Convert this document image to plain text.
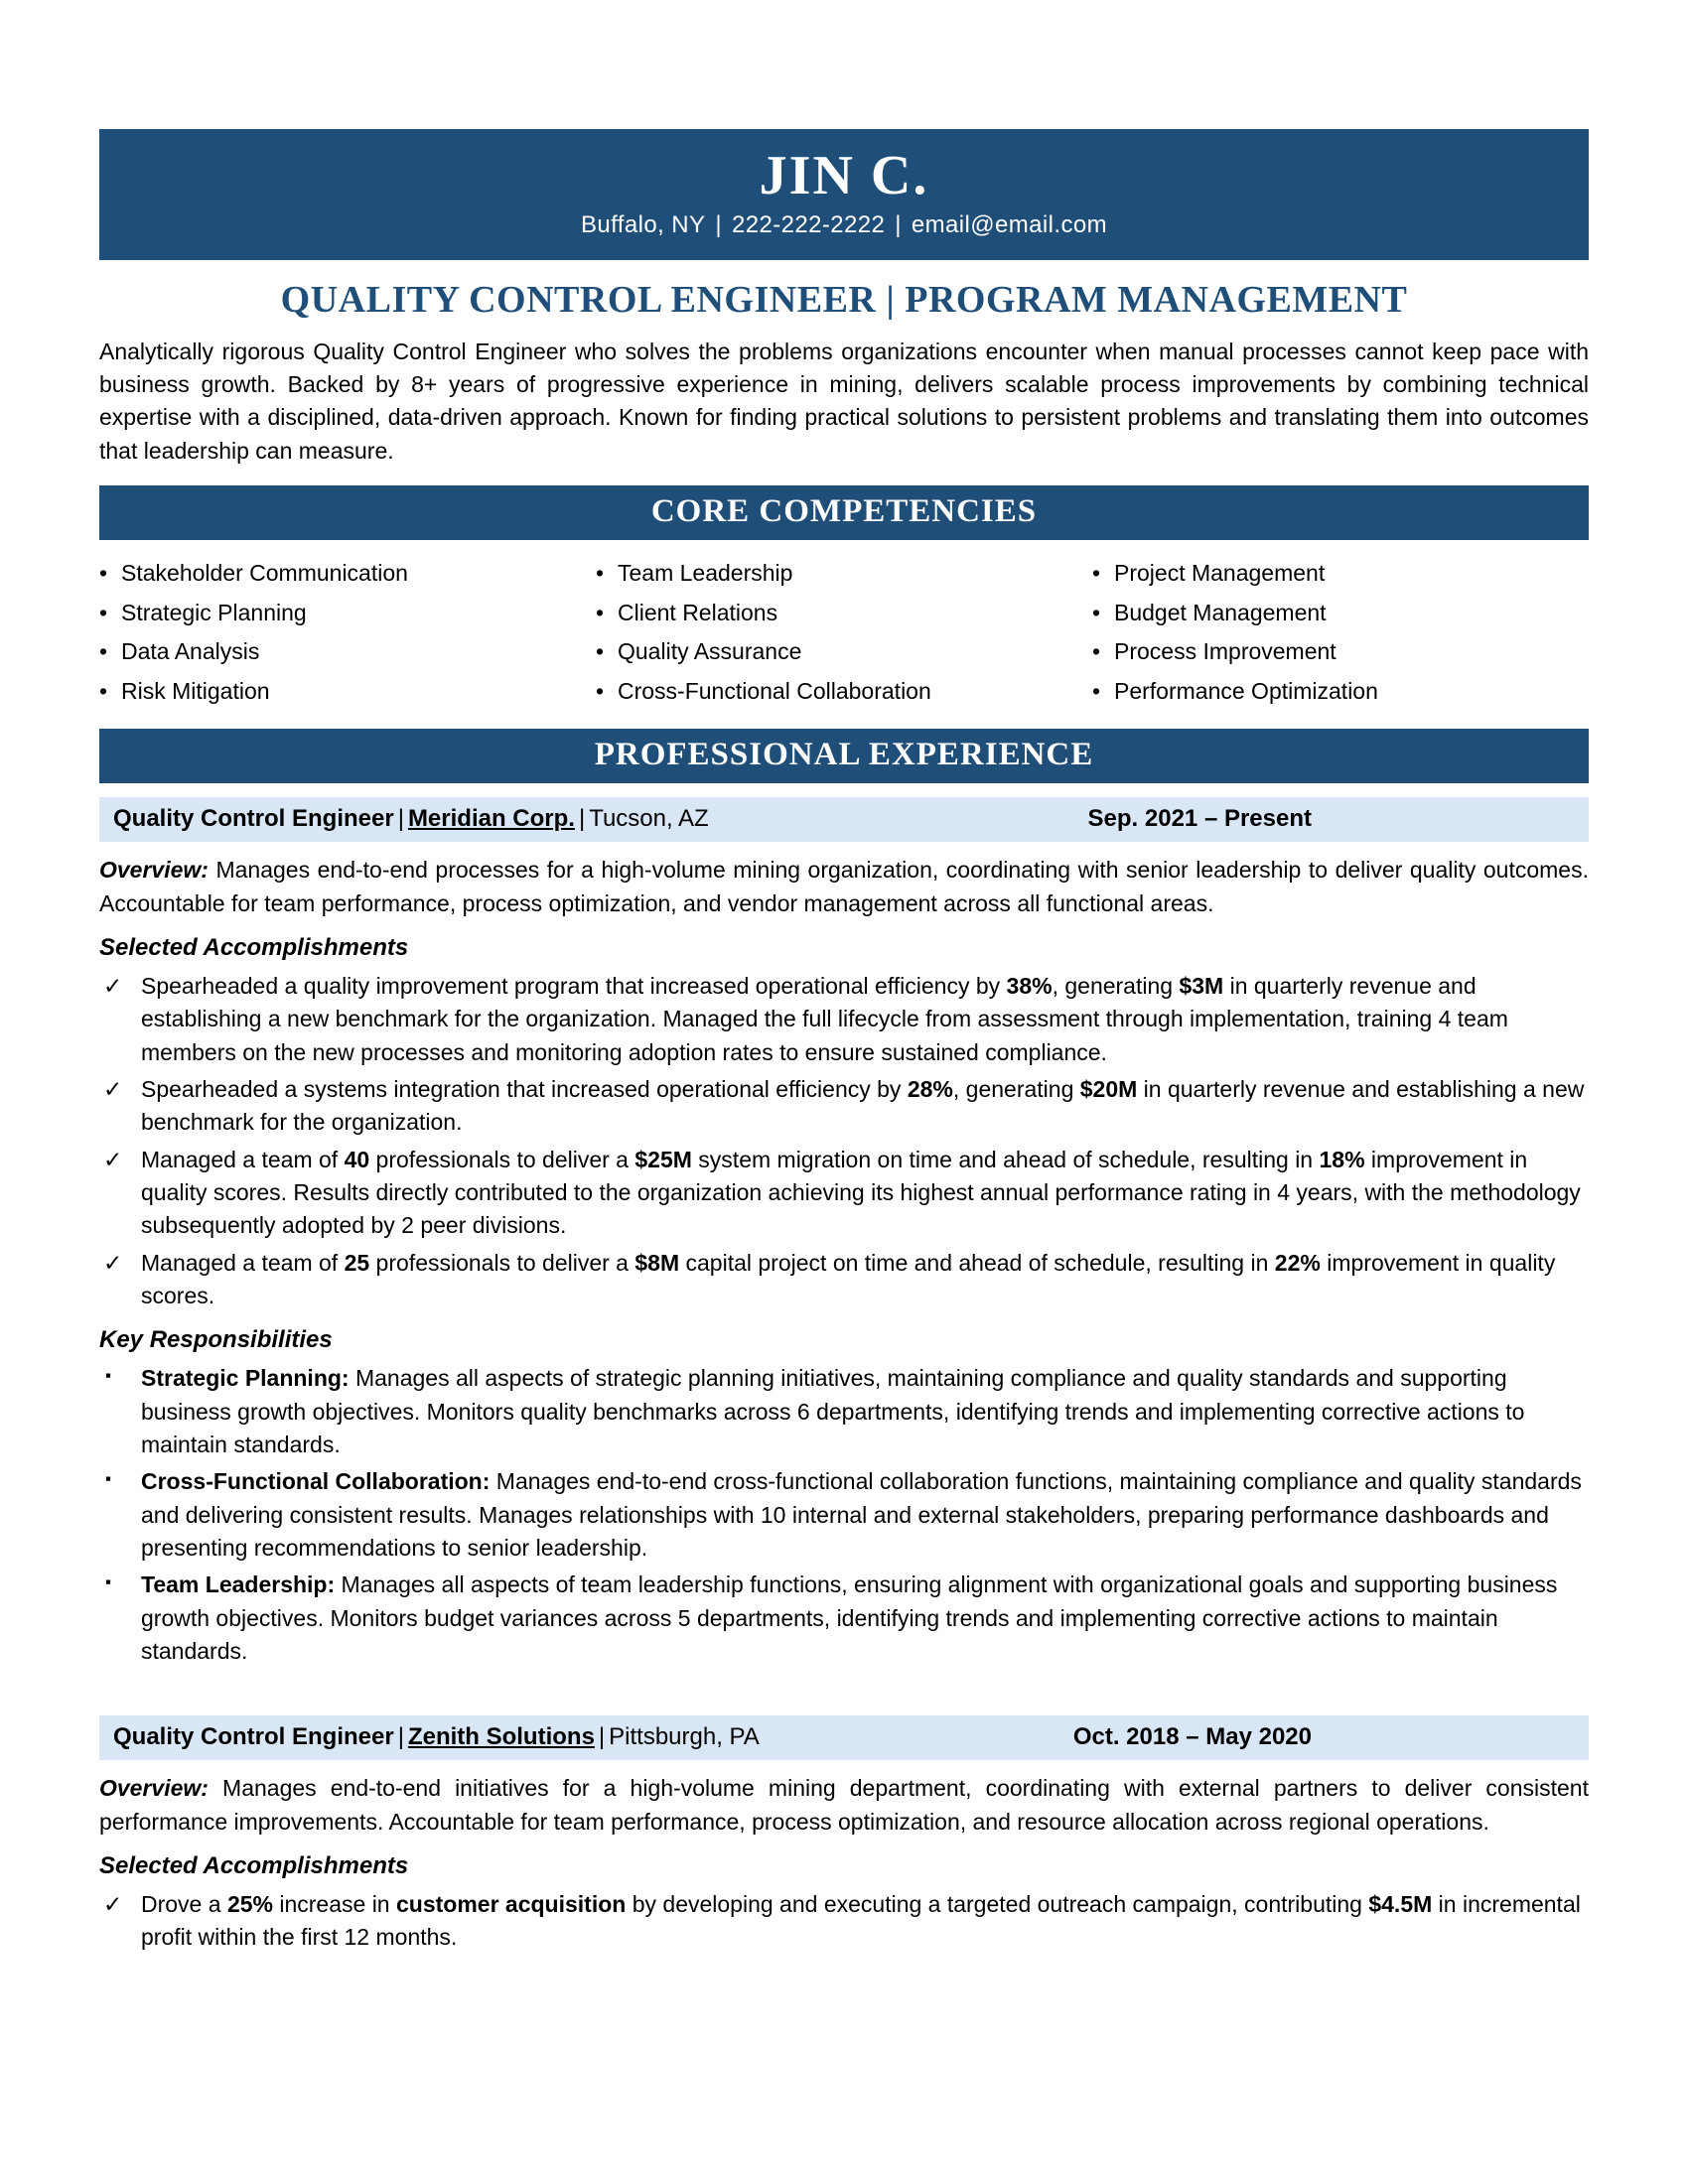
JIN C.
Buffalo, NY | 222-222-2222 | email@email.com
QUALITY CONTROL ENGINEER | PROGRAM MANAGEMENT
Analytically rigorous Quality Control Engineer who solves the problems organizations encounter when manual processes cannot keep pace with business growth. Backed by 8+ years of progressive experience in mining, delivers scalable process improvements by combining technical expertise with a disciplined, data-driven approach. Known for finding practical solutions to persistent problems and translating them into outcomes that leadership can measure.
CORE COMPETENCIES
• Stakeholder Communication	• Team Leadership	• Project Management
• Strategic Planning	• Client Relations	• Budget Management
• Data Analysis	• Quality Assurance	• Process Improvement
• Risk Mitigation	• Cross-Functional Collaboration	• Performance Optimization
PROFESSIONAL EXPERIENCE
Quality Control Engineer | Meridian Corp. | Tucson, AZ	Sep. 2021 – Present
Overview: Manages end-to-end processes for a high-volume mining organization, coordinating with senior leadership to deliver quality outcomes. Accountable for team performance, process optimization, and vendor management across all functional areas.
Selected Accomplishments
✓ Spearheaded a quality improvement program that increased operational efficiency by 38%, generating $3M in quarterly revenue and establishing a new benchmark for the organization. Managed the full lifecycle from assessment through implementation, training 4 team members on the new processes and monitoring adoption rates to ensure sustained compliance.
✓ Spearheaded a systems integration that increased operational efficiency by 28%, generating $20M in quarterly revenue and establishing a new benchmark for the organization.
✓ Managed a team of 40 professionals to deliver a $25M system migration on time and ahead of schedule, resulting in 18% improvement in quality scores. Results directly contributed to the organization achieving its highest annual performance rating in 4 years, with the methodology subsequently adopted by 2 peer divisions.
✓ Managed a team of 25 professionals to deliver a $8M capital project on time and ahead of schedule, resulting in 22% improvement in quality scores.
Key Responsibilities
▪ Strategic Planning: Manages all aspects of strategic planning initiatives, maintaining compliance and quality standards and supporting business growth objectives. Monitors quality benchmarks across 6 departments, identifying trends and implementing corrective actions to maintain standards.
▪ Cross-Functional Collaboration: Manages end-to-end cross-functional collaboration functions, maintaining compliance and quality standards and delivering consistent results. Manages relationships with 10 internal and external stakeholders, preparing performance dashboards and presenting recommendations to senior leadership.
▪ Team Leadership: Manages all aspects of team leadership functions, ensuring alignment with organizational goals and supporting business growth objectives. Monitors budget variances across 5 departments, identifying trends and implementing corrective actions to maintain standards.
Quality Control Engineer | Zenith Solutions | Pittsburgh, PA	Oct. 2018 – May 2020
Overview: Manages end-to-end initiatives for a high-volume mining department, coordinating with external partners to deliver consistent performance improvements. Accountable for team performance, process optimization, and resource allocation across regional operations.
Selected Accomplishments
✓ Drove a 25% increase in customer acquisition by developing and executing a targeted outreach campaign, contributing $4.5M in incremental profit within the first 12 months.
